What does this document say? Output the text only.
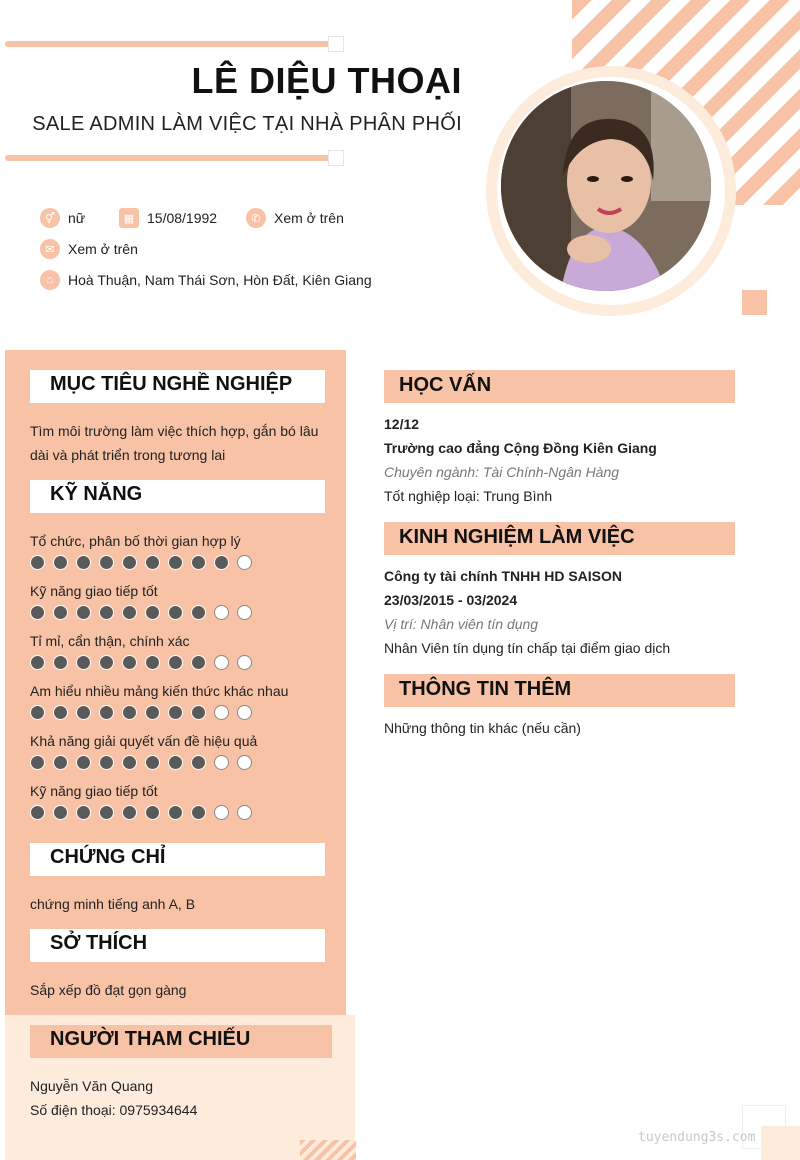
LÊ DIỆU THOẠI
SALE ADMIN LÀM VIỆC TẠI NHÀ PHÂN PHỐI
⚥ nữ	▦ 15/08/1992	✆ Xem ở trên
✉ Xem ở trên
⌂	Hoà Thuận, Nam Thái Sơn, Hòn Đất, Kiên Giang
MỤC TIÊU NGHỀ NGHIỆP
Tìm môi trường làm việc thích hợp, gắn bó lâu
dài và phát triển trong tương lai
KỸ NĂNG
Tổ chức, phân bố thời gian hợp lý
Kỹ năng giao tiếp tốt
Tỉ mỉ, cẩn thận, chính xác
Am hiểu nhiều mảng kiến thức khác nhau
Khả năng giải quyết vấn đề hiệu quả
Kỹ năng giao tiếp tốt
CHỨNG CHỈ
chứng minh tiếng anh A, B
SỞ THÍCH
Sắp xếp đồ đạt gọn gàng
NGƯỜI THAM CHIẾU
Nguyễn Văn Quang
Số điện thoại: 0975934644
HỌC VẤN
12/12
Trường cao đẳng Cộng Đồng Kiên Giang
Chuyên ngành: Tài Chính-Ngân Hàng
Tốt nghiệp loại: Trung Bình
KINH NGHIỆM LÀM VIỆC
Công ty tài chính TNHH HD SAISON
23/03/2015 - 03/2024
Vị trí: Nhân viên tín dụng
Nhân Viên tín dụng tín chấp tại điểm giao dịch
THÔNG TIN THÊM
Những thông tin khác (nếu cần)
tuyendung3s.com
